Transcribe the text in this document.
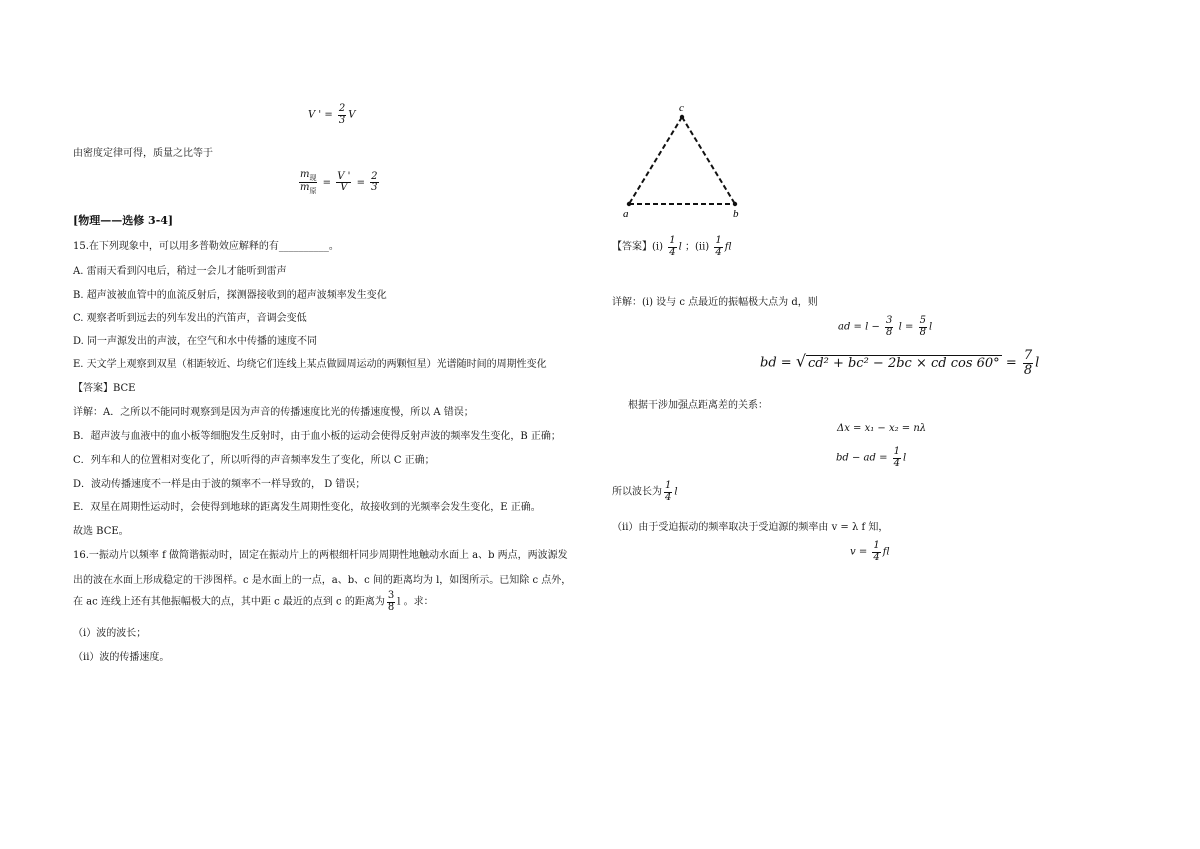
V ' = $\frac{2}{3}$ V
由密度定律可得，质量之比等于
$\frac{m_现}{m_原} = \frac{V '}{V} = \frac{2}{3}$
[物理——选修 3-4]
15.在下列现象中，可以用多普勒效应解释的有__________。
A. 雷雨天看到闪电后，稍过一会儿才能听到雷声
B. 超声波被血管中的血流反射后，探测器接收到的超声波频率发生变化
C. 观察者听到远去的列车发出的汽笛声，音调会变低
D. 同一声源发出的声波，在空气和水中传播的速度不同
E. 天文学上观察到双星（相距较近、均绕它们连线上某点做圆周运动的两颗恒星）光谱随时间的周期性变化
【答案】BCE
详解：A．之所以不能同时观察到是因为声音的传播速度比光的传播速度慢，所以 A 错误；
B．超声波与血液中的血小板等细胞发生反射时，由于血小板的运动会使得反射声波的频率发生变化，B 正确；
C．列车和人的位置相对变化了，所以听得的声音频率发生了变化，所以 C 正确；
D．波动传播速度不一样是由于波的频率不一样导致的， D 错误；
E．双星在周期性运动时，会使得到地球的距离发生周期性变化，故接收到的光频率会发生变化，E 正确。
故选 BCE。
16.一振动片以频率 f 做简谐振动时，固定在振动片上的两根细杆同步周期性地触动水面上 a、b 两点，两波源发
出的波在水面上形成稳定的干涉图样。c 是水面上的一点，a、b、c 间的距离均为 l，如图所示。已知除 c 点外，
在 ac 连线上还有其他振幅极大的点，其中距 c 最近的点到 c 的距离为 $\frac{3}{8}$ l 。求：
（i）波的波长；
（ii）波的传播速度。
c
a	b
【答案】$(i) \frac{1}{4}$ l ；$(ii) \frac{1}{4}$ fl
详解：(i) 设与 c 点最近的振幅极大点为 d，则
ad = $l - \frac{3}{8}$ $l = \frac{5}{8}$ l
bd = √ cd² + bc² − 2bc × cd $\cos 60^\circ = \frac{7}{8}$ l
根据干涉加强点距离差的关系：
Δx = x₁ − x₂ = nλ
bd − ad = $\frac{1}{4}$ l
所以波长为 $\frac{1}{4}$ l
（ii）由于受迫振动的频率取决于受迫源的频率由 v = λ f 知，
$v = \frac{1}{4}$ fl
